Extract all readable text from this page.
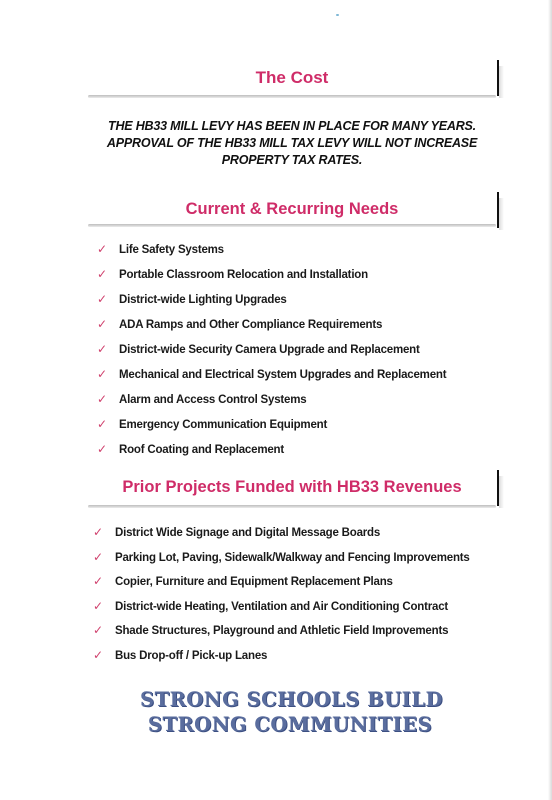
The Cost
THE HB33 MILL LEVY HAS BEEN IN PLACE FOR MANY YEARS.
APPROVAL OF THE HB33 MILL TAX LEVY WILL NOT INCREASE
PROPERTY TAX RATES.
Current & Recurring Needs
✓ Life Safety Systems
✓ Portable Classroom Relocation and Installation
✓ District-wide Lighting Upgrades
✓ ADA Ramps and Other Compliance Requirements
✓ District-wide Security Camera Upgrade and Replacement
✓ Mechanical and Electrical System Upgrades and Replacement
✓ Alarm and Access Control Systems
✓ Emergency Communication Equipment
✓ Roof Coating and Replacement
Prior Projects Funded with HB33 Revenues
✓ District Wide Signage and Digital Message Boards
✓ Parking Lot, Paving, Sidewalk/Walkway and Fencing Improvements
✓ Copier, Furniture and Equipment Replacement Plans
✓ District-wide Heating, Ventilation and Air Conditioning Contract
✓ Shade Structures, Playground and Athletic Field Improvements
✓ Bus Drop-off / Pick-up Lanes
STRONG SCHOOLS BUILD
STRONG COMMUNITIES
